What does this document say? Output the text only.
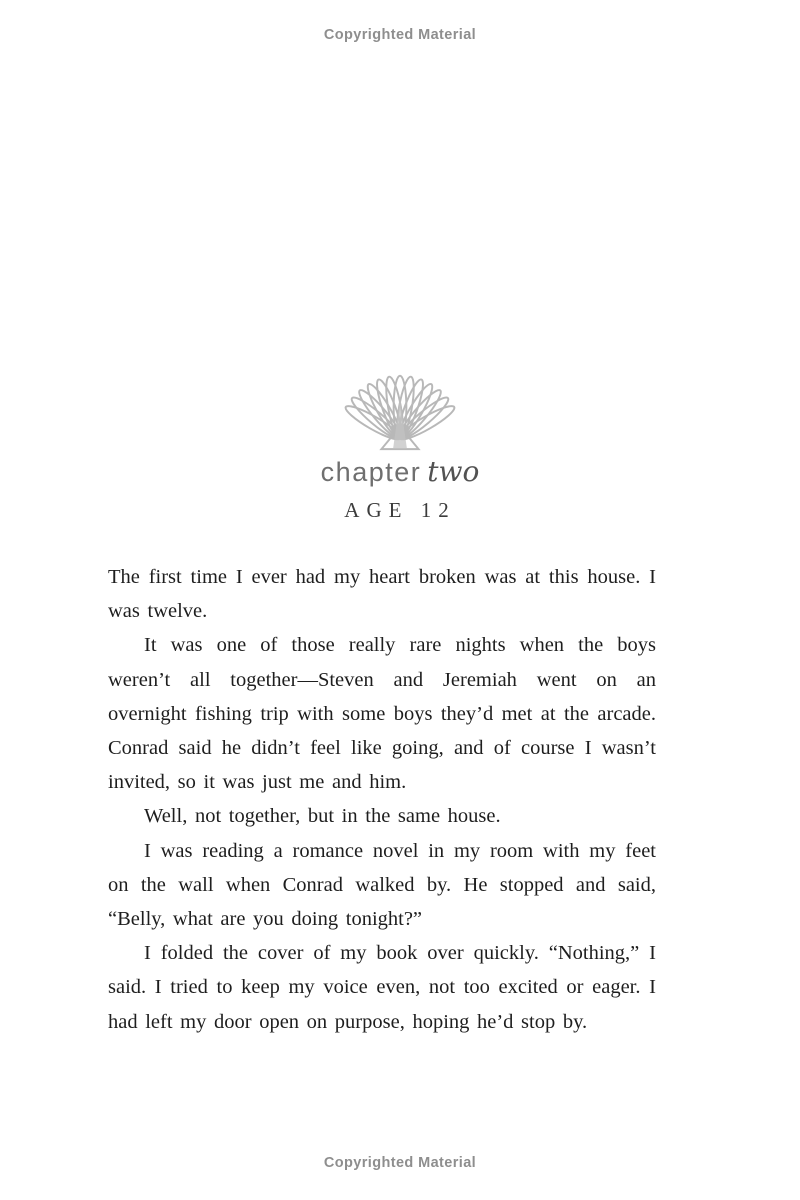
Copyrighted Material
chapter two
AGE 12

The first time I ever had my heart broken was at this house. I was twelve.

It was one of those really rare nights when the boys weren’t all together—Steven and Jeremiah went on an overnight fishing trip with some boys they’d met at the arcade. Conrad said he didn’t feel like going, and of course I wasn’t invited, so it was just me and him.

Well, not together, but in the same house.

I was reading a romance novel in my room with my feet on the wall when Conrad walked by. He stopped and said, “Belly, what are you doing tonight?”

I folded the cover of my book over quickly. “Nothing,” I said. I tried to keep my voice even, not too excited or eager. I had left my door open on purpose, hoping he’d stop by.

Copyrighted Material
